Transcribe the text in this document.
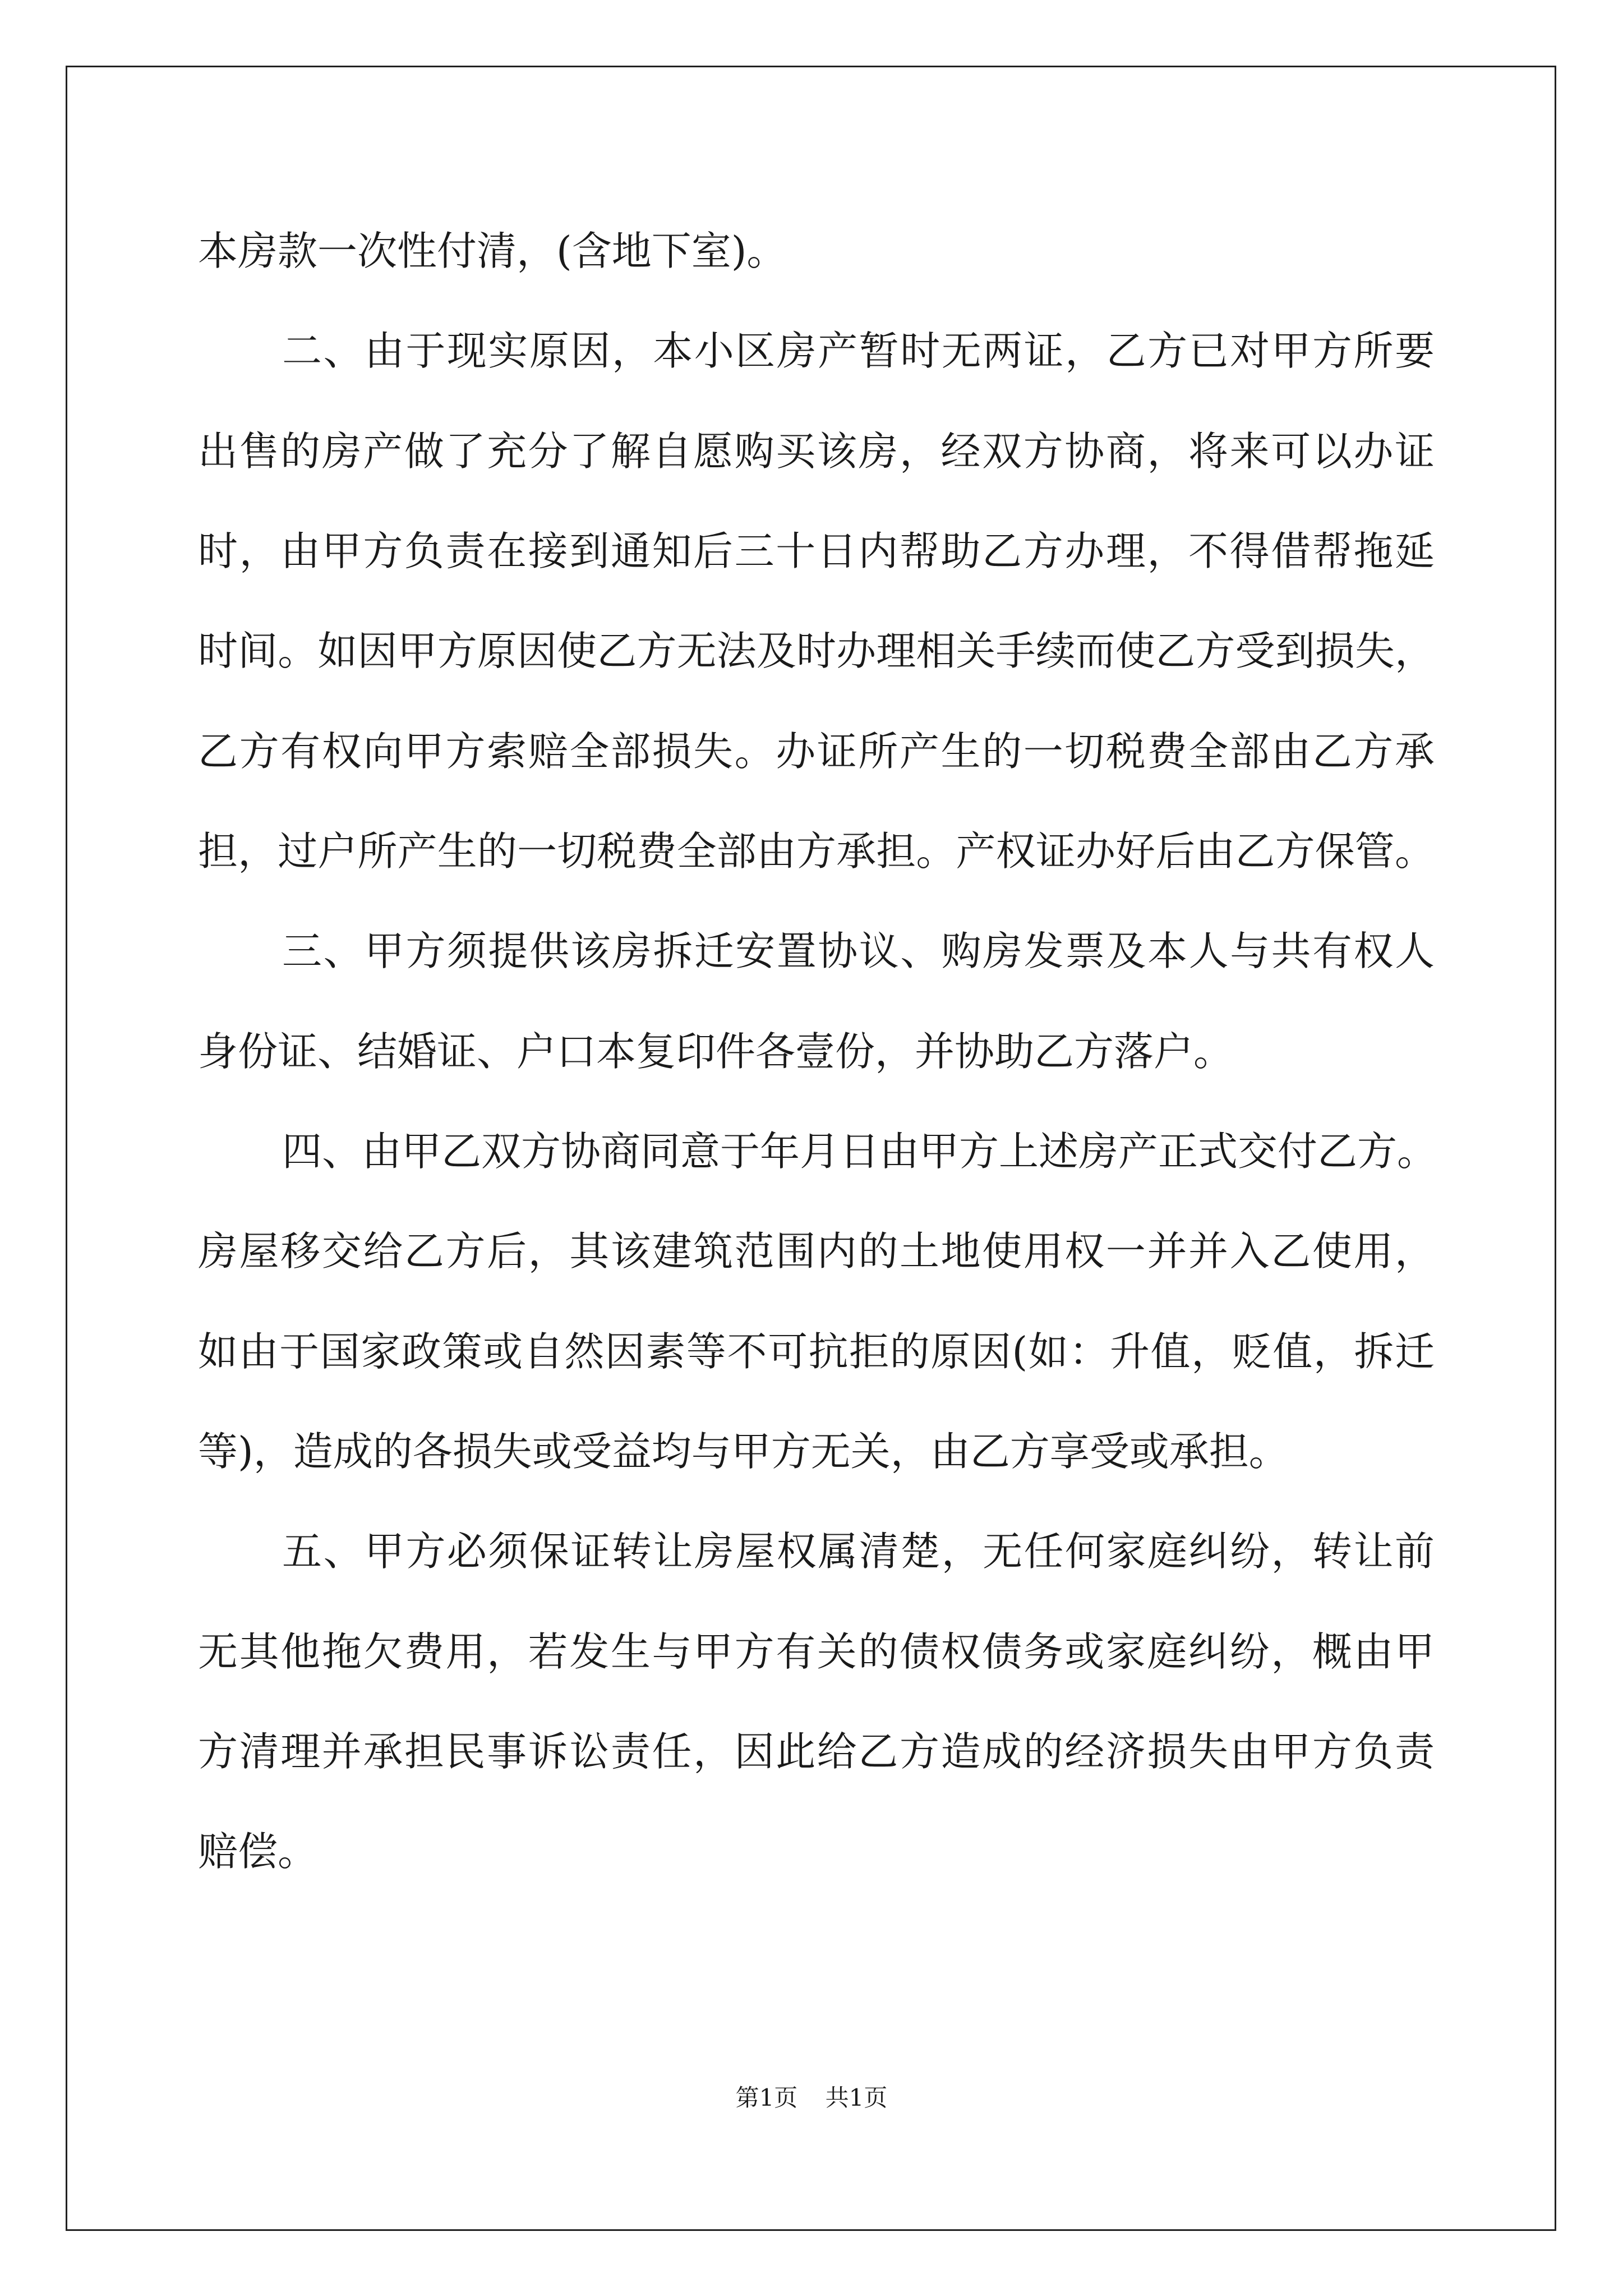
本房款一次性付清，(含地下室)。
二、由于现实原因，本小区房产暂时无两证，乙方已对甲方所要
出售的房产做了充分了解自愿购买该房，经双方协商，将来可以办证
时，由甲方负责在接到通知后三十日内帮助乙方办理，不得借帮拖延
时间。如因甲方原因使乙方无法及时办理相关手续而使乙方受到损失，
乙方有权向甲方索赔全部损失。办证所产生的一切税费全部由乙方承
担，过户所产生的一切税费全部由方承担。产权证办好后由乙方保管。
三、甲方须提供该房拆迁安置协议、购房发票及本人与共有权人
身份证、结婚证、户口本复印件各壹份，并协助乙方落户。
四、由甲乙双方协商同意于年月日由甲方上述房产正式交付乙方。
房屋移交给乙方后，其该建筑范围内的土地使用权一并并入乙使用，
如由于国家政策或自然因素等不可抗拒的原因(如：升值，贬值，拆迁
等)，造成的各损失或受益均与甲方无关，由乙方享受或承担。
五、甲方必须保证转让房屋权属清楚，无任何家庭纠纷，转让前
无其他拖欠费用，若发生与甲方有关的债权债务或家庭纠纷，概由甲
方清理并承担民事诉讼责任，因此给乙方造成的经济损失由甲方负责
赔偿。
第1页 共1页
